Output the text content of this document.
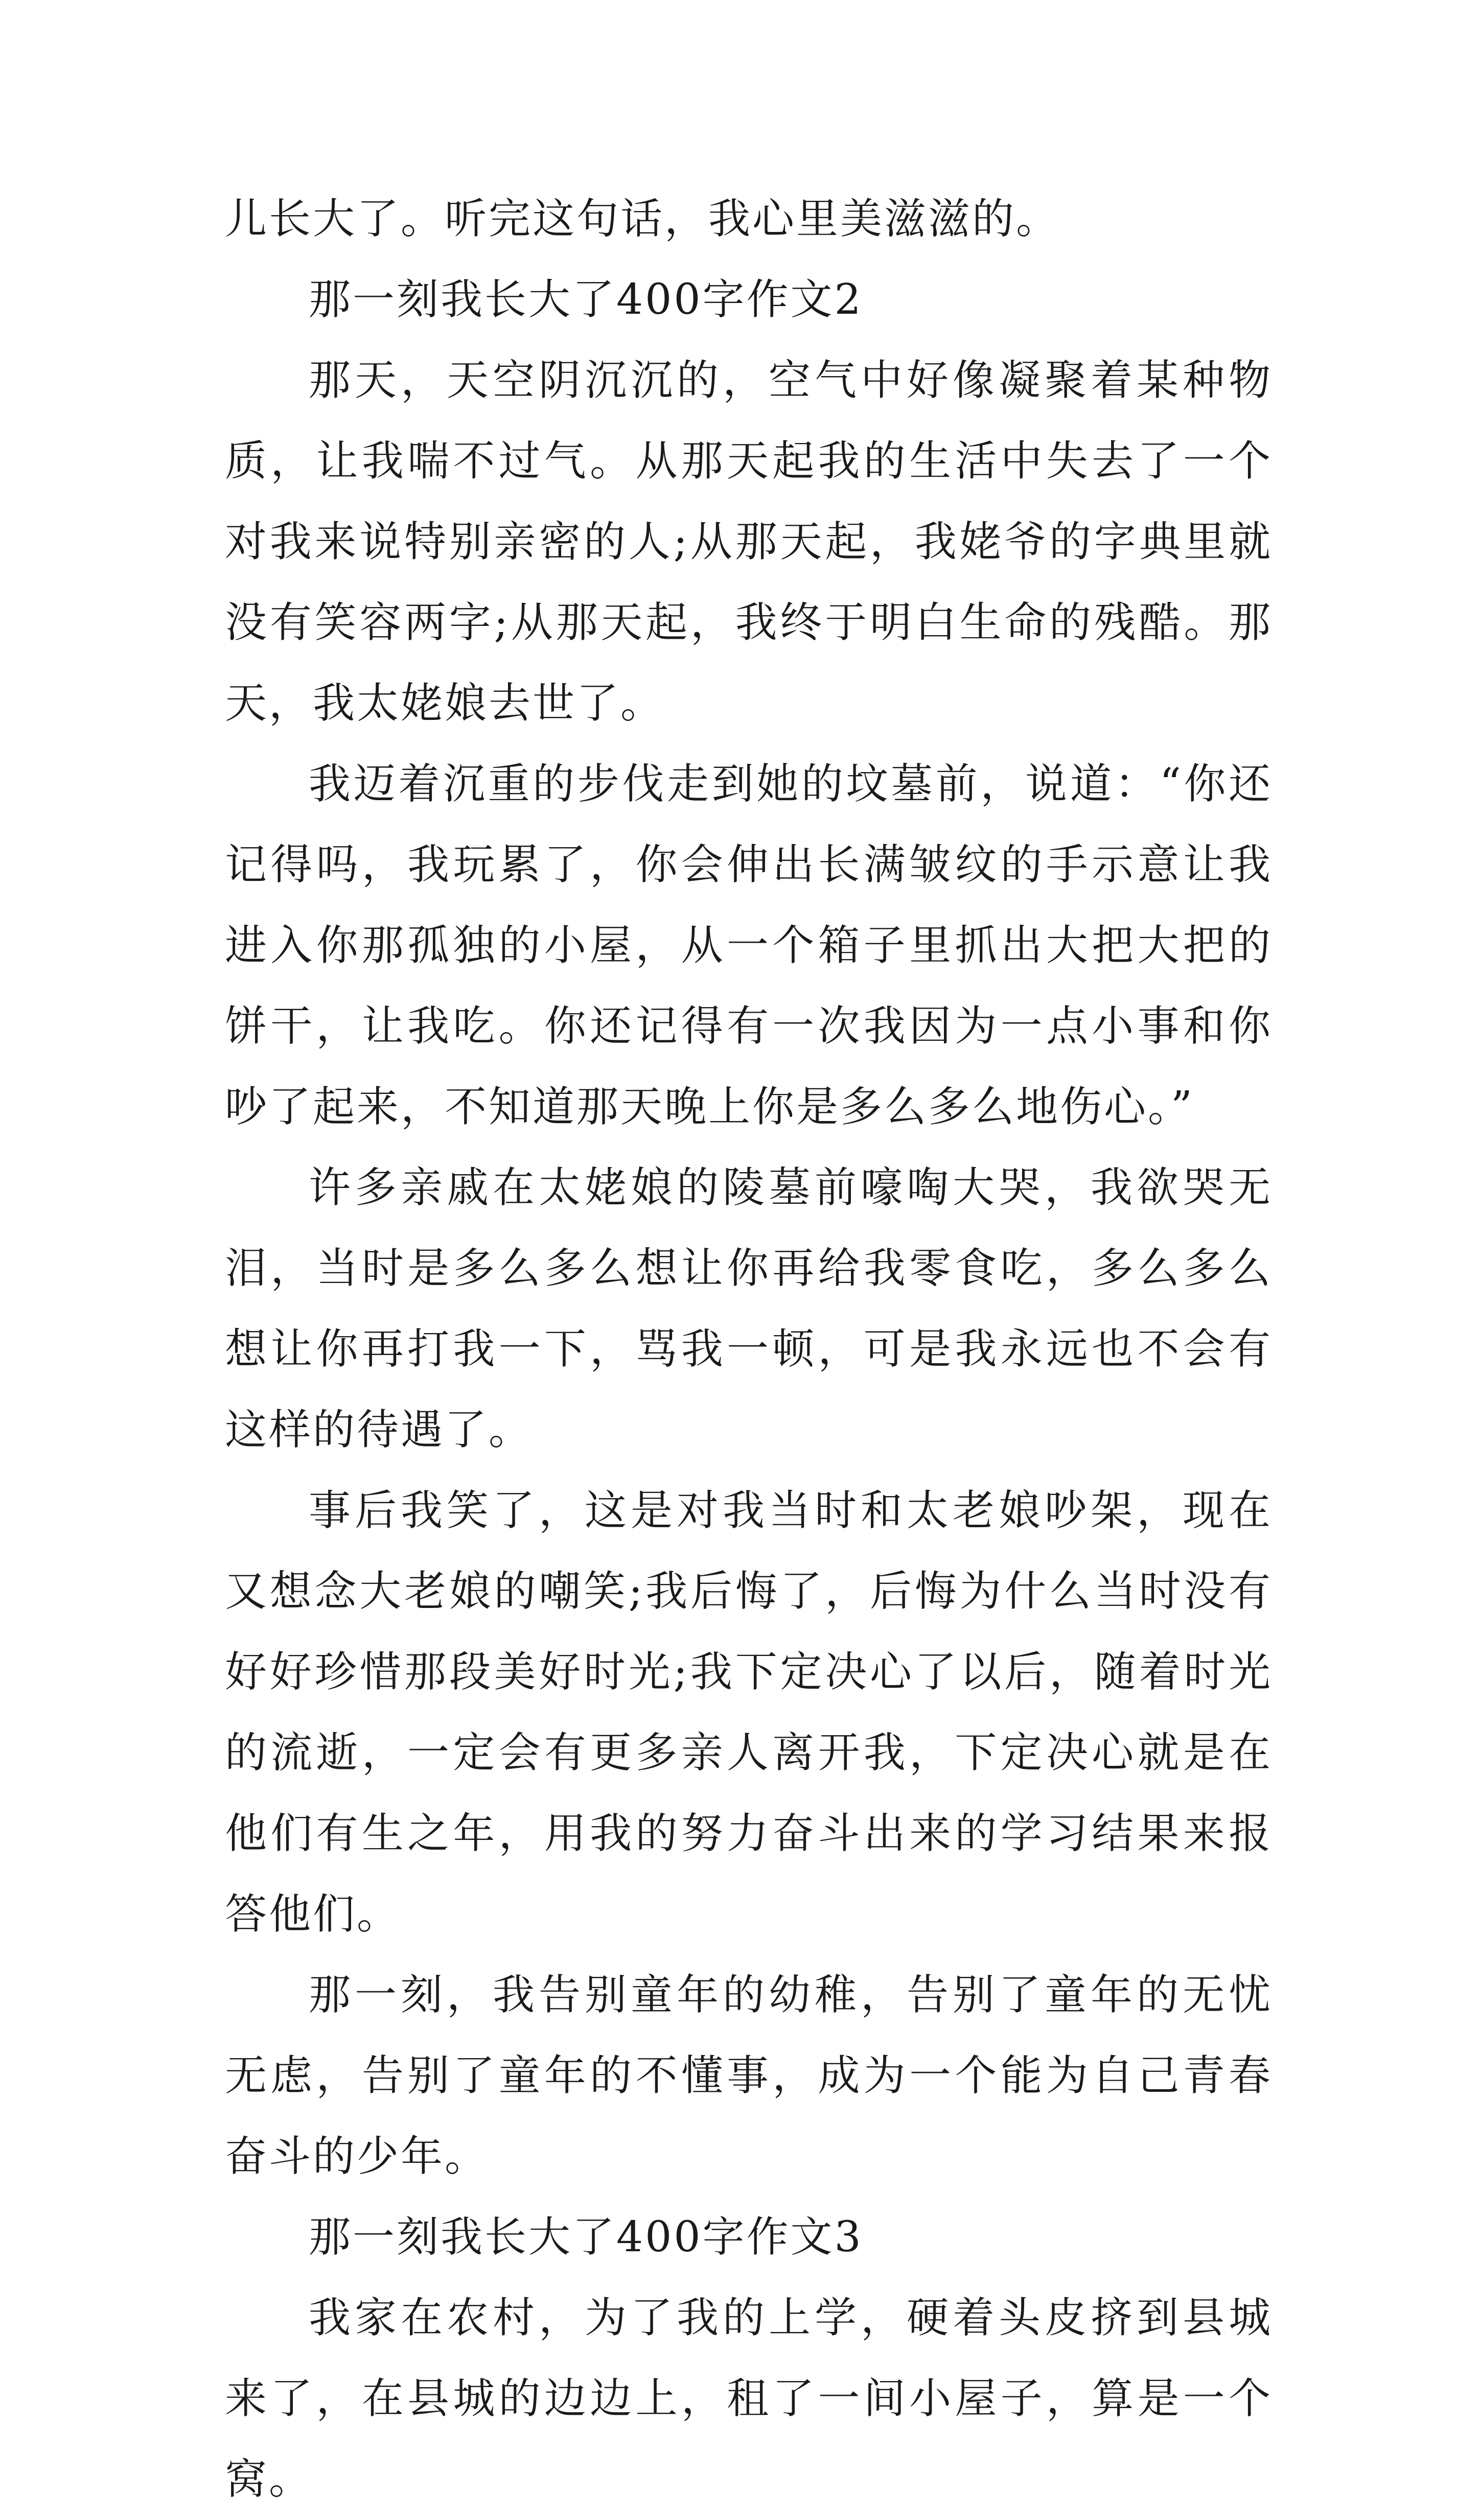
儿长大了。听完这句话，我心里美滋滋的。

那一刻我长大了400字作文2

那天，天空阴沉沉的，空气中好像凝聚着某种物质，让我喘不过气。从那天起我的生活中失去了一个对我来说特别亲密的人;从那天起，我姥爷的字典里就没有笑容两字;从那天起，我终于明白生命的残酷。那天，我太姥娘去世了。

我迈着沉重的步伐走到她的坟墓前，说道：“你还记得吗，我玩累了，你会伸出长满皱纹的手示意让我进入你那孤独的小屋，从一个箱子里抓出大把大把的饼干，让我吃。你还记得有一次我因为一点小事和你吵了起来，不知道那天晚上你是多么多么地伤心。”

许多亲戚在太姥娘的陵墓前嚎啕大哭，我欲哭无泪，当时是多么多么想让你再给我零食吃，多么多么想让你再打我一下，骂我一顿，可是我永远也不会有这样的待遇了。

事后我笑了，这是对我当时和太老娘吵架，现在又想念大老娘的嘲笑;我后悔了，后悔为什么当时没有好好珍惜那段美好时光;我下定决心了以后，随着时光的流逝，一定会有更多亲人离开我，下定决心就是在他们有生之年，用我的努力奋斗出来的学习结果来报答他们。

那一刻，我告别童年的幼稚，告别了童年的无忧无虑，告别了童年的不懂事，成为一个能为自己青春奋斗的少年。

那一刻我长大了400字作文3

我家在农村，为了我的上学，硬着头皮挤到县城来了，在县城的边边上，租了一间小屋子，算是一个窝。
